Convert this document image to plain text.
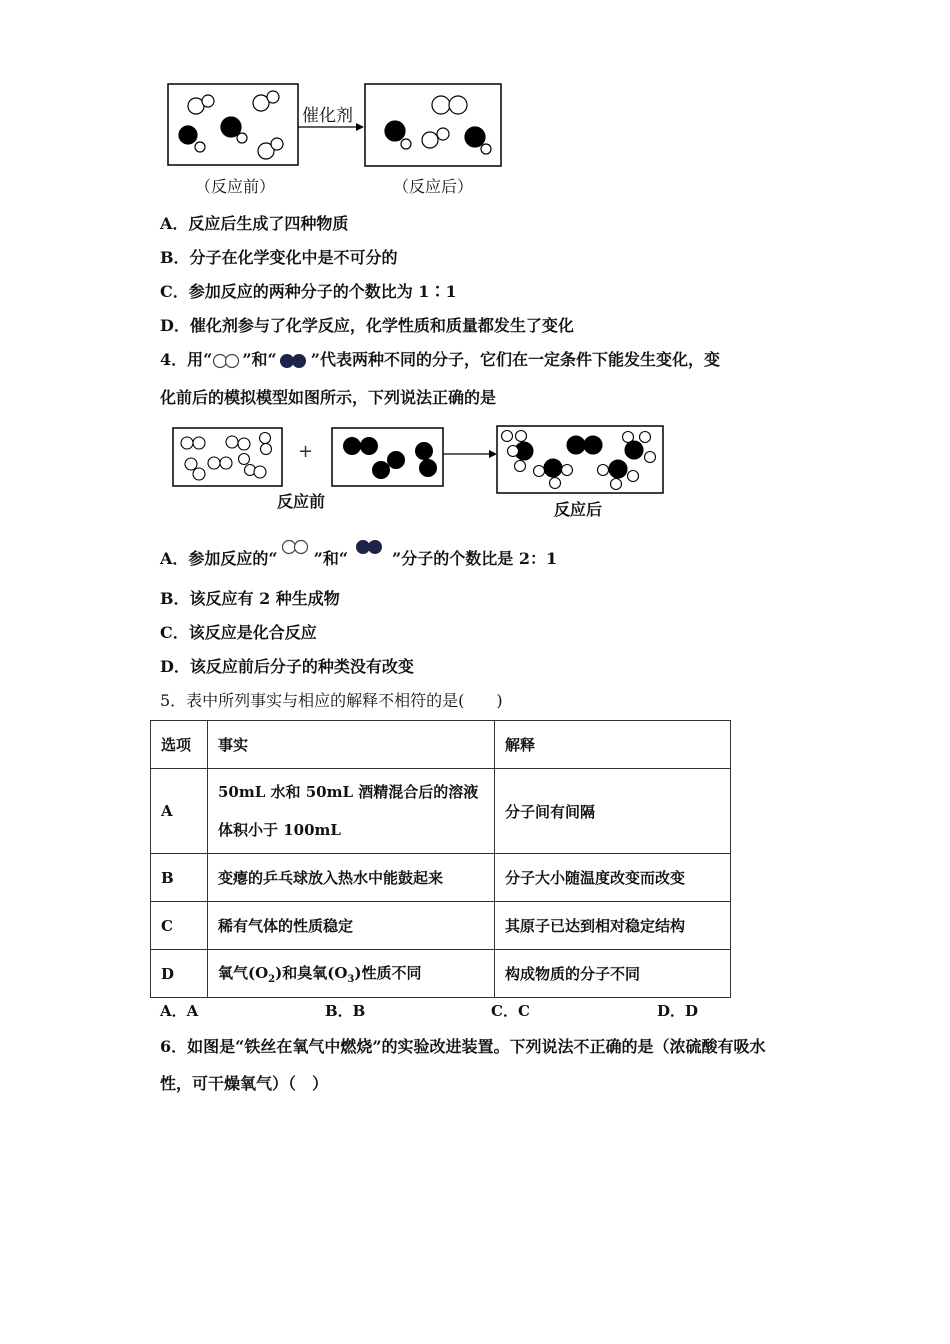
催化剂
（反应前）	（反应后）
A．反应后生成了四种物质
B．分子在化学变化中是不可分的
C．参加反应的两种分子的个数比为 1∶1
D．催化剂参与了化学反应，化学性质和质量都发生了变化
4．用“ ”和“ ”代表两种不同的分子，它们在一定条件下能发生变化，变
化前后的模拟模型如图所示，下列说法正确的是
+
反应前	反应后
A．参加反应的“ ”和“	”分子的个数比是 2：1
B．该反应有 2 种生成物
C．该反应是化合反应
D．该反应前后分子的种类没有改变
5．表中所列事实与相应的解释不相符的是(　　)
选项	事实	解释
A	50mL 水和 50mL 酒精混合后的溶液
体积小于 100mL	分子间有间隔
B	变瘪的乒乓球放入热水中能鼓起来	分子大小随温度改变而改变
C	稀有气体的性质稳定	其原子已达到相对稳定结构
D	氧气$(O_2)$和臭氧$(O_3)$性质不同	构成物质的分子不同
A．A	B．B	C．C	D．D
6．如图是“铁丝在氧气中燃烧”的实验改进装置。下列说法不正确的是（浓硫酸有吸水
性，可干燥氧气）（　）
